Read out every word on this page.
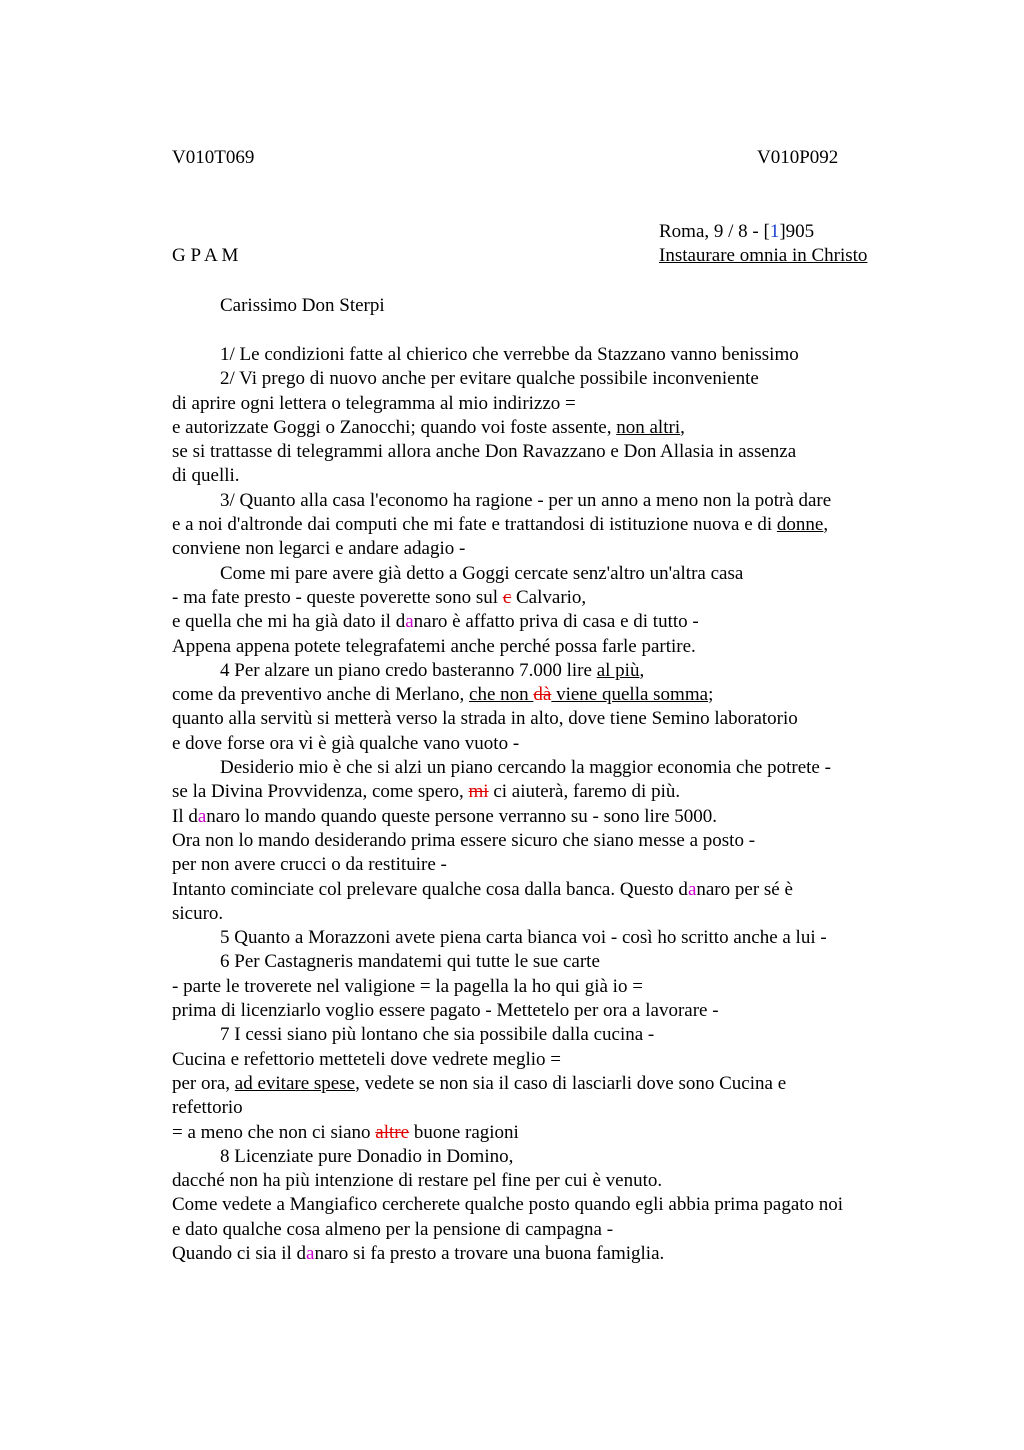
V010T069	V010P092
Roma, 9 / 8 - [1]905
G P A M	Instaurare omnia in Christo
Carissimo Don Sterpi
1/ Le condizioni fatte al chierico che verrebbe da Stazzano vanno benissimo
2/ Vi prego di nuovo anche per evitare qualche possibile inconveniente
di aprire ogni lettera o telegramma al mio indirizzo =
e autorizzate Goggi o Zanocchi; quando voi foste assente, non altri,
se si trattasse di telegrammi allora anche Don Ravazzano e Don Allasia in assenza
di quelli.
3/ Quanto alla casa l'economo ha ragione - per un anno a meno non la potrà dare
e a noi d'altronde dai computi che mi fate e trattandosi di istituzione nuova e di donne,
conviene non legarci e andare adagio -
Come mi pare avere già detto a Goggi cercate senz'altro un'altra casa
- ma fate presto - queste poverette sono sul c Calvario,
e quella che mi ha già dato il danaro è affatto priva di casa e di tutto -
Appena appena potete telegrafatemi anche perché possa farle partire.
4 Per alzare un piano credo basteranno 7.000 lire al più,
come da preventivo anche di Merlano, che non dà viene quella somma;
quanto alla servitù si metterà verso la strada in alto, dove tiene Semino laboratorio
e dove forse ora vi è già qualche vano vuoto -
Desiderio mio è che si alzi un piano cercando la maggior economia che potrete -
se la Divina Provvidenza, come spero, mi ci aiuterà, faremo di più.
Il danaro lo mando quando queste persone verranno su - sono lire 5000.
Ora non lo mando desiderando prima essere sicuro che siano messe a posto -
per non avere crucci o da restituire -
Intanto cominciate col prelevare qualche cosa dalla banca. Questo danaro per sé è
sicuro.
5 Quanto a Morazzoni avete piena carta bianca voi - così ho scritto anche a lui -
6 Per Castagneris mandatemi qui tutte le sue carte
- parte le troverete nel valigione = la pagella la ho qui già io =
prima di licenziarlo voglio essere pagato - Mettetelo per ora a lavorare -
7 I cessi siano più lontano che sia possibile dalla cucina -
Cucina e refettorio metteteli dove vedrete meglio =
per ora, ad evitare spese, vedete se non sia il caso di lasciarli dove sono Cucina e
refettorio
= a meno che non ci siano altre buone ragioni
8 Licenziate pure Donadio in Domino,
dacché non ha più intenzione di restare pel fine per cui è venuto.
Come vedete a Mangiafico cercherete qualche posto quando egli abbia prima pagato noi
e dato qualche cosa almeno per la pensione di campagna -
Quando ci sia il danaro si fa presto a trovare una buona famiglia.
